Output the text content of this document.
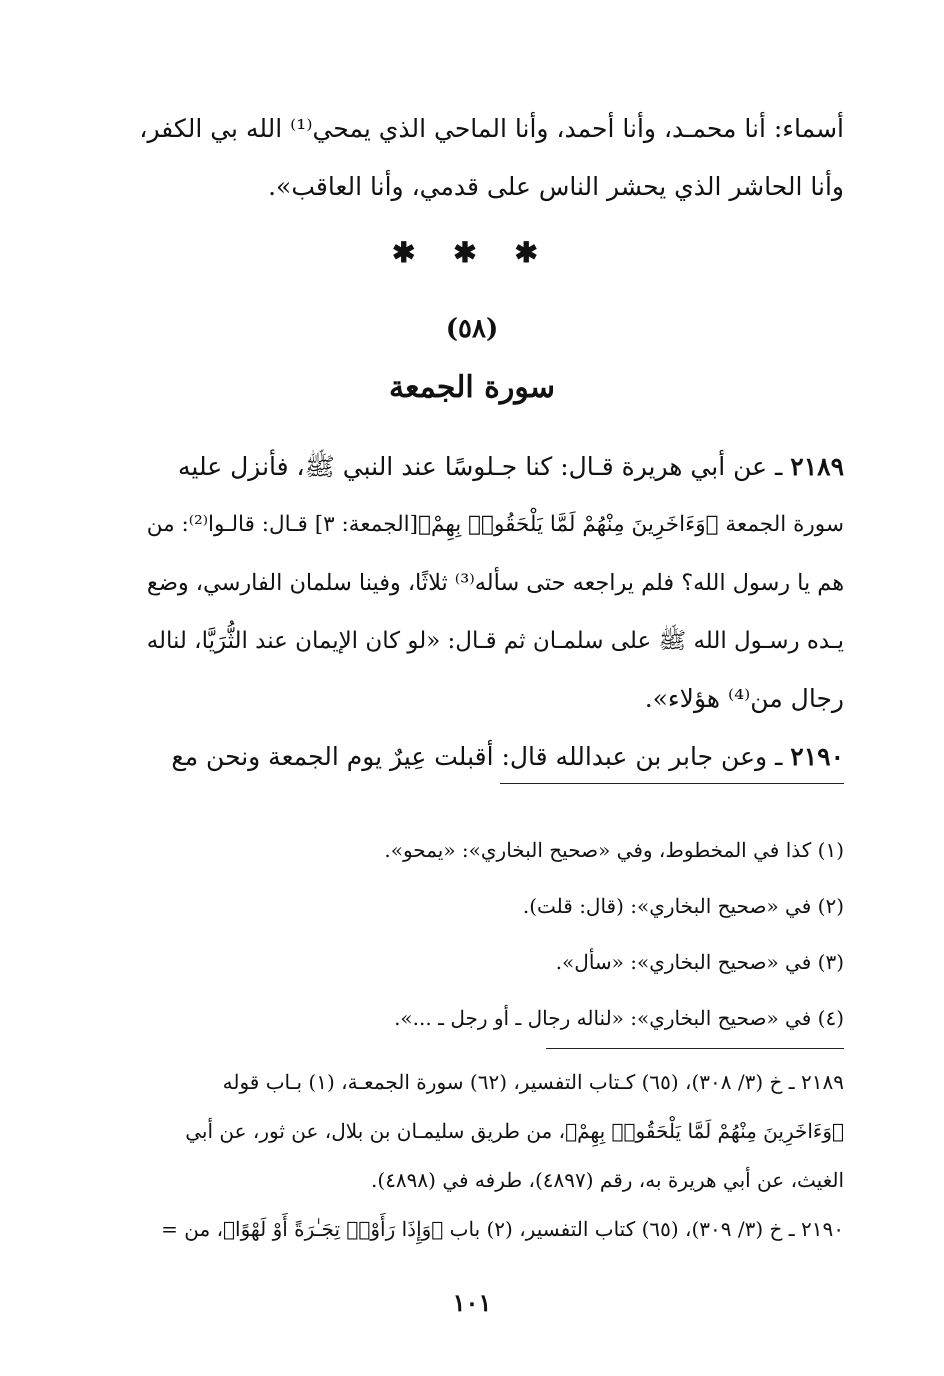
أسماء: أنا محمـد، وأنا أحمد، وأنا الماحي الذي يمحي⁽¹⁾ الله بي الكفر،
وأنا الحاشر الذي يحشر الناس على قدمي، وأنا العاقب».
✱ ✱ ✱
(٥٨)
سورة الجمعة
٢١٨٩ ـ عن أبي هريرة قـال: كنا جـلوسًا عند النبي ﷺ، فأنزل عليه
سورة الجمعة ﴿وَءَاخَرِينَ مِنْهُمْ لَمَّا يَلْحَقُوا۟ بِهِمْ﴾[الجمعة: ٣] قـال: قالـوا⁽²⁾: من
هم يا رسول الله؟ فلم يراجعه حتى سأله⁽³⁾ ثلاثًا، وفينا سلمان الفارسي، وضع
يـده رسـول الله ﷺ على سلمـان ثم قـال: «لو كان الإيمان عند الثُّرَيَّا، لناله
رجال من⁽⁴⁾ هؤلاء».
٢١٩٠ ـ وعن جابر بن عبدالله قال: أقبلت عِيرٌ يوم الجمعة ونحن مع
(١) كذا في المخطوط، وفي «صحيح البخاري»: «يمحو».
(٢) في «صحيح البخاري»: (قال: قلت).
(٣) في «صحيح البخاري»: «سأل».
(٤) في «صحيح البخاري»: «لناله رجال ـ أو رجل ـ ...».
٢١٨٩ ـ خ (٣/ ٣٠٨)، (٦٥) كـتاب التفسير، (٦٢) سورة الجمعـة، (١) بـاب قوله
﴿وَءَاخَرِينَ مِنْهُمْ لَمَّا يَلْحَقُوا۟ بِهِمْ﴾، من طريق سليمـان بن بلال، عن ثور، عن أبي
الغيث، عن أبي هريرة به، رقم (٤٨٩٧)، طرفه في (٤٨٩٨).
٢١٩٠ ـ خ (٣/ ٣٠٩)، (٦٥) كتاب التفسير، (٢) باب ﴿وَإِذَا رَأَوْا۟ تِجَـٰرَةً أَوْ لَهْوًا﴾، من =
١٠١
